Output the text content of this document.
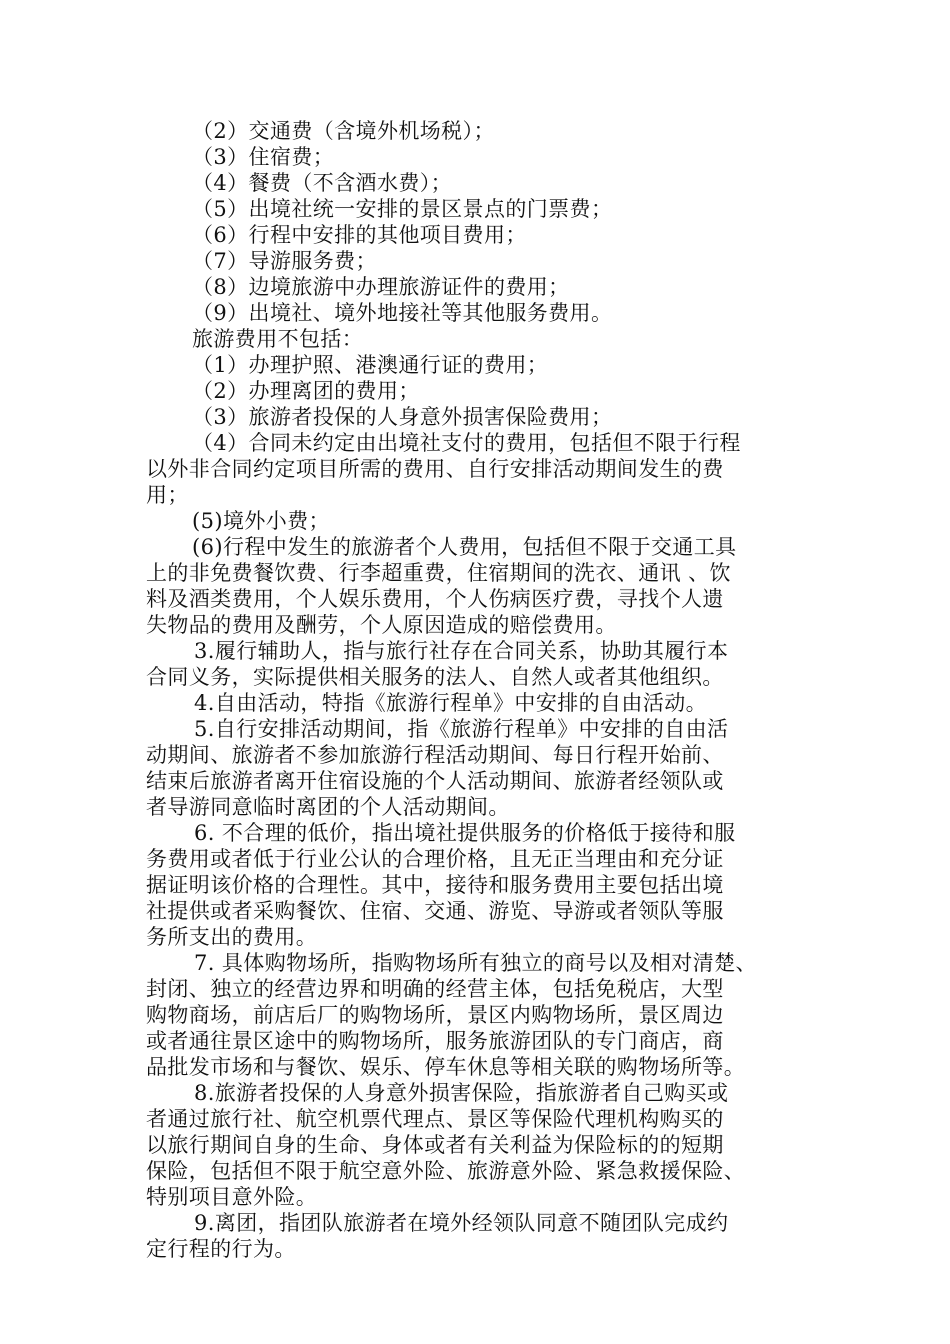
（2）交通费（含境外机场税）；
（3）住宿费；
（4）餐费（不含酒水费）；
（5）出境社统一安排的景区景点的门票费；
（6）行程中安排的其他项目费用；
（7）导游服务费；
（8）边境旅游中办理旅游证件的费用；
（9）出境社、境外地接社等其他服务费用。
旅游费用不包括：
（1）办理护照、港澳通行证的费用；
（2）办理离团的费用；
（3）旅游者投保的人身意外损害保险费用；
（4）合同未约定由出境社支付的费用，包括但不限于行程
以外非合同约定项目所需的费用、自行安排活动期间发生的费
用；
(5)境外小费；
(6)行程中发生的旅游者个人费用，包括但不限于交通工具
上的非免费餐饮费、行李超重费，住宿期间的洗衣、通讯 、饮
料及酒类费用，个人娱乐费用，个人伤病医疗费，寻找个人遗
失物品的费用及酬劳，个人原因造成的赔偿费用。
3.履行辅助人，指与旅行社存在合同关系，协助其履行本
合同义务，实际提供相关服务的法人、自然人或者其他组织。
4.自由活动，特指《旅游行程单》中安排的自由活动。
5.自行安排活动期间，指《旅游行程单》中安排的自由活
动期间、旅游者不参加旅游行程活动期间、每日行程开始前、
结束后旅游者离开住宿设施的个人活动期间、旅游者经领队或
者导游同意临时离团的个人活动期间。
6. 不合理的低价，指出境社提供服务的价格低于接待和服
务费用或者低于行业公认的合理价格，且无正当理由和充分证
据证明该价格的合理性。其中，接待和服务费用主要包括出境
社提供或者采购餐饮、住宿、交通、游览、导游或者领队等服
务所支出的费用。
7. 具体购物场所，指购物场所有独立的商号以及相对清楚、
封闭、独立的经营边界和明确的经营主体，包括免税店，大型
购物商场，前店后厂的购物场所，景区内购物场所，景区周边
或者通往景区途中的购物场所，服务旅游团队的专门商店，商
品批发市场和与餐饮、娱乐、停车休息等相关联的购物场所等。
8.旅游者投保的人身意外损害保险，指旅游者自己购买或
者通过旅行社、航空机票代理点、景区等保险代理机构购买的
以旅行期间自身的生命、身体或者有关利益为保险标的的短期
保险，包括但不限于航空意外险、旅游意外险、紧急救援保险、
特别项目意外险。
9.离团，指团队旅游者在境外经领队同意不随团队完成约
定行程的行为。
